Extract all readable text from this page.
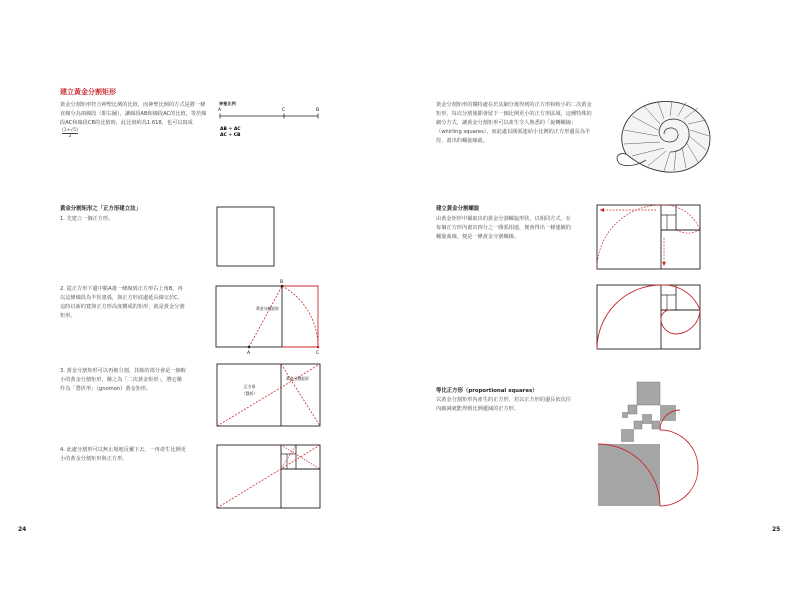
建立黃金分割矩形
黃金分割矩形符合神聖比例的比值，而神聖比例的方式是將一條直線分為兩線段（即右圖），讓線段AB和線段AC的比值，等於線段AC和線段CB的比值時，此比值約為1.618，也可以寫成
$\frac{(1+√5)}{2}$
神聖比例
A	C	B
AB ÷ AC
AC ÷ CB
黃金分割矩形之「正方形建立法」
1. 先建立一個正方形。
2. 從正方形下邊中點A畫一條線到正方形右上角B，再以這條線段為半徑畫弧，與正方形底邊延長線交於C，這時以新的寬與正方形高度構成的矩形，就是黃金分割矩形。
3. 黃金分割矩形可以再被分割，其餘的部分會是一個較小的黃金分割矩形，稱之為「二次黃金矩形」，將它稱作為「磬折形」（gnomon）黃金矩形。
4. 此處分割形可以無止境地反覆下去，一再產生比例更小的黃金分割矩形與正方形。
A
B
C
黃金分割矩形
正方形
（磬折）
黃金分割矩形
24
黃金分割矩形的獨特處在於其細分後得到的正方形和較小的二次黃金矩形，每次分割後都會留下一個比例更小的正方形區域，這種特殊的細分方式，讓黃金分割矩形可以產生令人熟悉的「旋轉螺線」（whirling squares），而此處以圓弧連結小比例的正方形邊長為半徑，畫出的螺旋線就。
建立黃金分割螺旋
由黃金矩形中擷取出的黃金分割螺旋形狀，以相同方式，在每個正方形內畫出四分之一圓弧相連，便會得出一條連續的螺旋曲線，便是一條黃金分割螺線。
等比正方形（proportional squares）
以黃金分割矩形內產生的正方形，若以正方形的邊長依次往內縮減就能得到比例遞減的正方形。
25
